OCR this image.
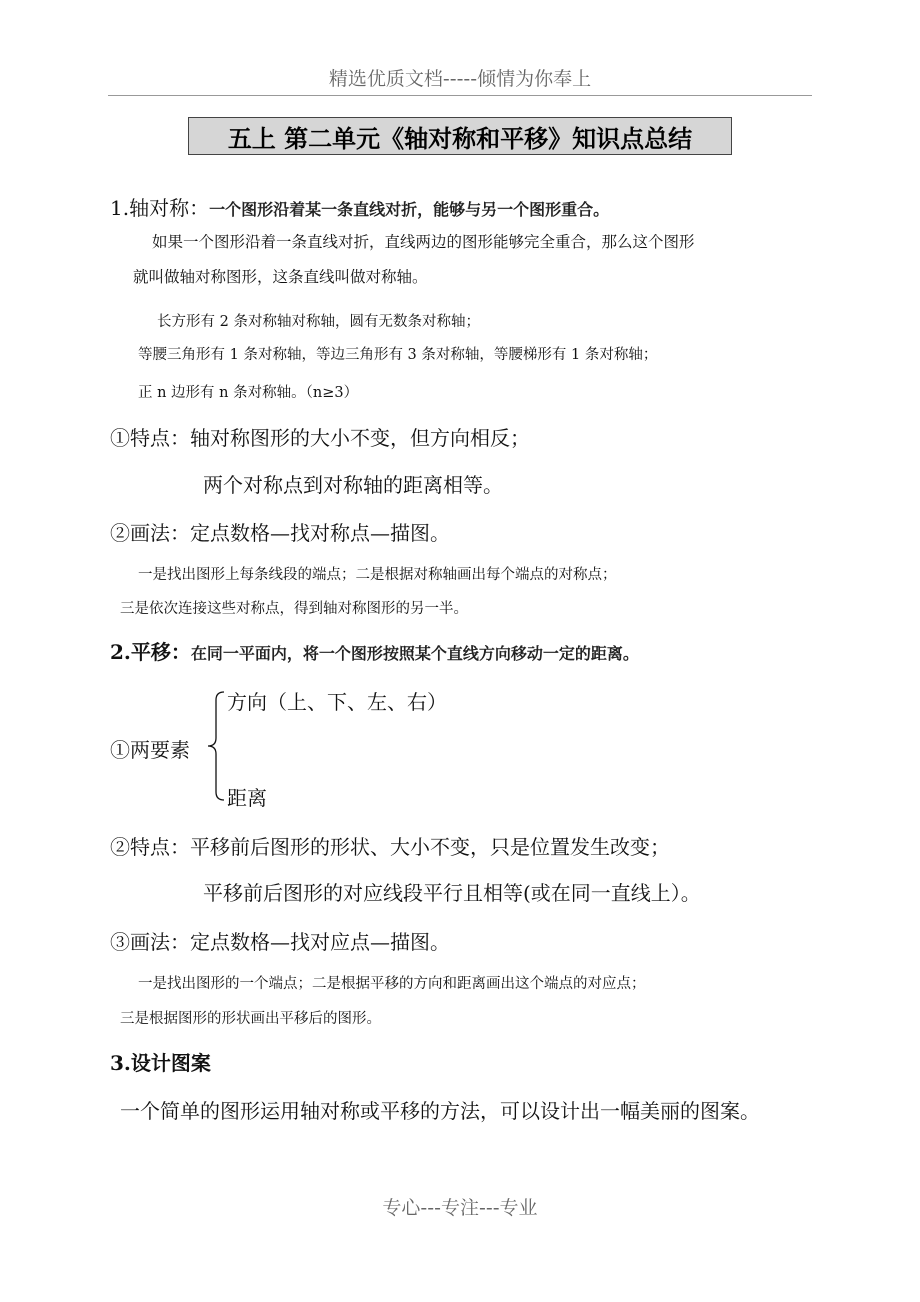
精选优质文档-----倾情为你奉上
五上 第二单元《轴对称和平移》知识点总结
1.轴对称：一个图形沿着某一条直线对折，能够与另一个图形重合。
如果一个图形沿着一条直线对折，直线两边的图形能够完全重合，那么这个图形
就叫做轴对称图形，这条直线叫做对称轴。
长方形有 2 条对称轴对称轴，圆有无数条对称轴；
等腰三角形有 1 条对称轴，等边三角形有 3 条对称轴，等腰梯形有 1 条对称轴；
正 n 边形有 n 条对称轴。（n≥3）
①特点：轴对称图形的大小不变，但方向相反；
两个对称点到对称轴的距离相等。
②画法：定点数格—找对称点—描图。
一是找出图形上每条线段的端点；二是根据对称轴画出每个端点的对称点；
三是依次连接这些对称点，得到轴对称图形的另一半。
2.平移：在同一平面内，将一个图形按照某个直线方向移动一定的距离。
方向（上、下、左、右）
①两要素
距离
②特点：平移前后图形的形状、大小不变，只是位置发生改变；
平移前后图形的对应线段平行且相等(或在同一直线上）。
③画法：定点数格—找对应点—描图。
一是找出图形的一个端点；二是根据平移的方向和距离画出这个端点的对应点；
三是根据图形的形状画出平移后的图形。
3.设计图案
一个简单的图形运用轴对称或平移的方法，可以设计出一幅美丽的图案。
专心---专注---专业
